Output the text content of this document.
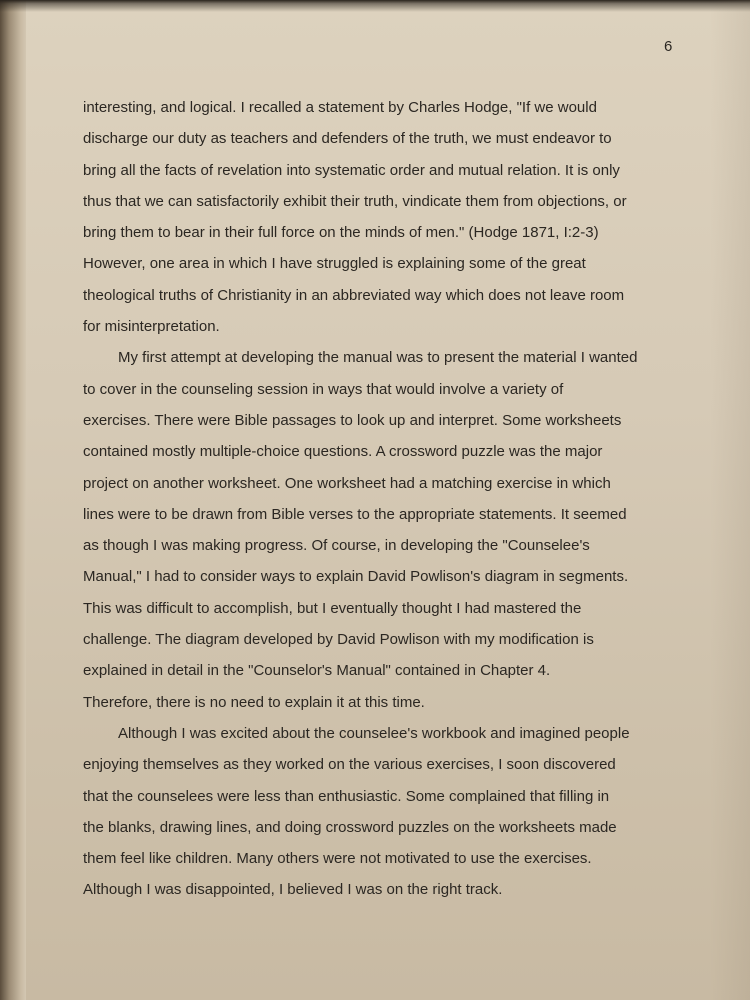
6

interesting, and logical. I recalled a statement by Charles Hodge, "If we would
discharge our duty as teachers and defenders of the truth, we must endeavor to
bring all the facts of revelation into systematic order and mutual relation. It is only
thus that we can satisfactorily exhibit their truth, vindicate them from objections, or
bring them to bear in their full force on the minds of men." (Hodge 1871, I:2-3)
However, one area in which I have struggled is explaining some of the great
theological truths of Christianity in an abbreviated way which does not leave room
for misinterpretation.

My first attempt at developing the manual was to present the material I wanted
to cover in the counseling session in ways that would involve a variety of
exercises. There were Bible passages to look up and interpret. Some worksheets
contained mostly multiple-choice questions. A crossword puzzle was the major
project on another worksheet. One worksheet had a matching exercise in which
lines were to be drawn from Bible verses to the appropriate statements. It seemed
as though I was making progress. Of course, in developing the "Counselee's
Manual," I had to consider ways to explain David Powlison's diagram in segments.
This was difficult to accomplish, but I eventually thought I had mastered the
challenge. The diagram developed by David Powlison with my modification is
explained in detail in the "Counselor's Manual" contained in Chapter 4.
Therefore, there is no need to explain it at this time.

Although I was excited about the counselee's workbook and imagined people
enjoying themselves as they worked on the various exercises, I soon discovered
that the counselees were less than enthusiastic. Some complained that filling in
the blanks, drawing lines, and doing crossword puzzles on the worksheets made
them feel like children. Many others were not motivated to use the exercises.
Although I was disappointed, I believed I was on the right track.
